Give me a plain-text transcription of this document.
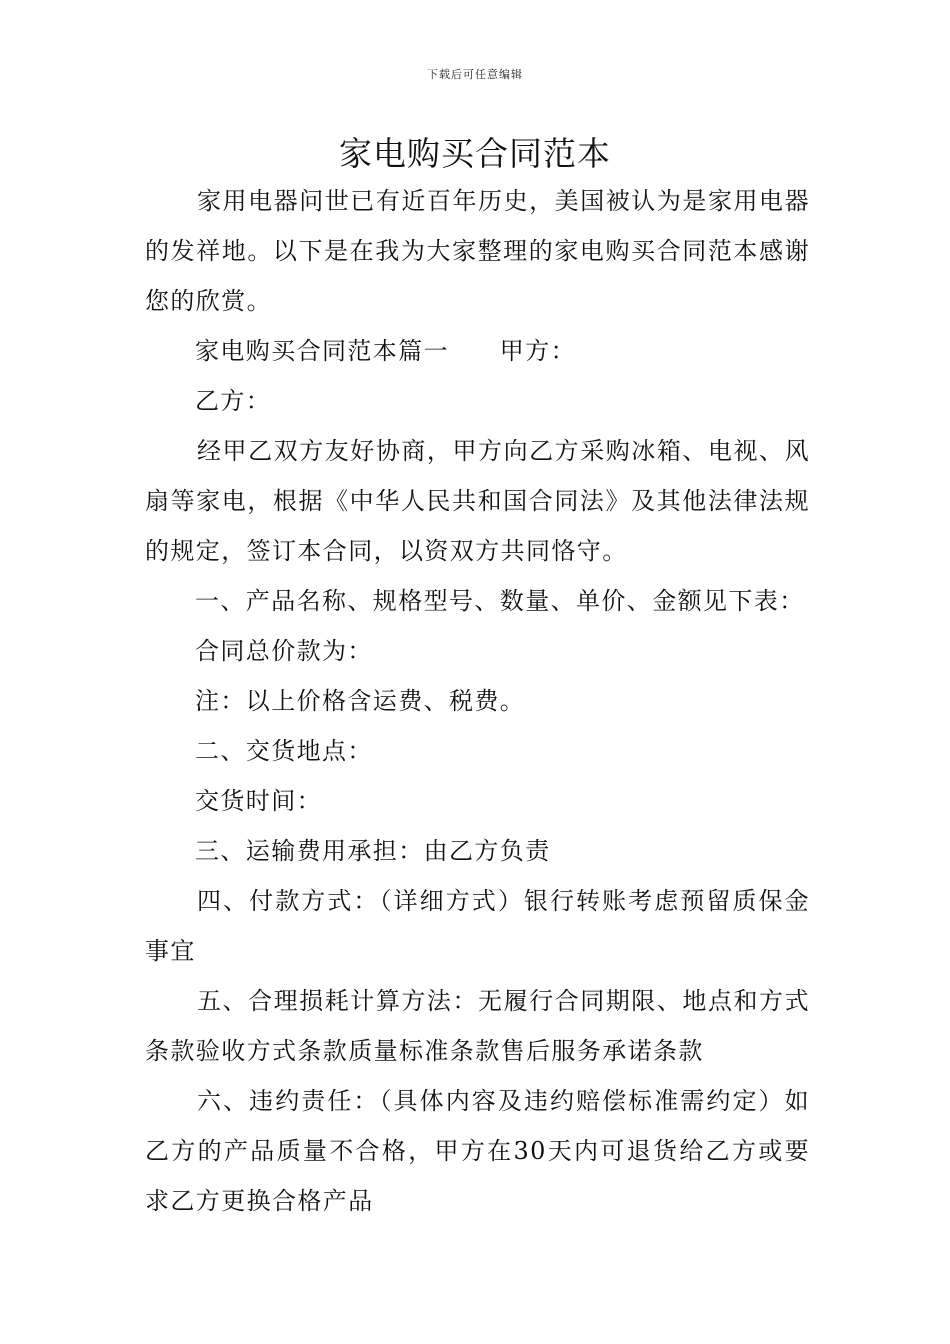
下载后可任意编辑
家电购买合同范本

家用电器问世已有近百年历史，美国被认为是家用电器的发祥地。以下是在我为大家整理的家电购买合同范本感谢您的欣赏。

家电购买合同范本篇一　　甲方：

乙方：

经甲乙双方友好协商，甲方向乙方采购冰箱、电视、风扇等家电，根据《中华人民共和国合同法》及其他法律法规的规定，签订本合同，以资双方共同恪守。

一、产品名称、规格型号、数量、单价、金额见下表：

合同总价款为：

注：以上价格含运费、税费。

二、交货地点：

交货时间：

三、运输费用承担：由乙方负责

四、付款方式：（详细方式）银行转账考虑预留质保金事宜

五、合理损耗计算方法：无履行合同期限、地点和方式条款验收方式条款质量标准条款售后服务承诺条款

六、违约责任：（具体内容及违约赔偿标准需约定）如乙方的产品质量不合格，甲方在30天内可退货给乙方或要求乙方更换合格产品
